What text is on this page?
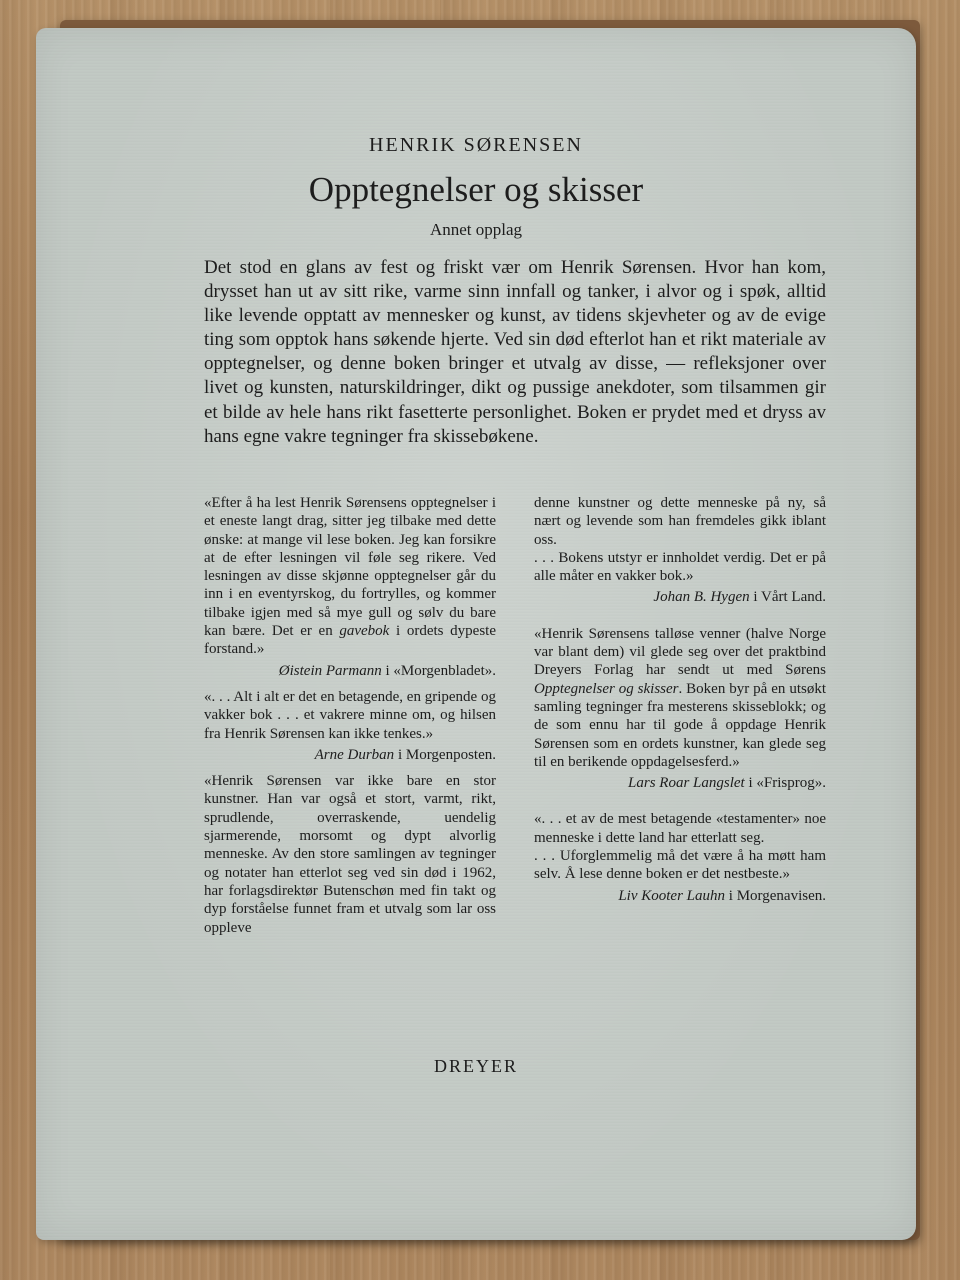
HENRIK SØRENSEN
Opptegnelser og skisser
Annet opplag
Det stod en glans av fest og friskt vær om Henrik Sørensen. Hvor han kom, drysset han ut av sitt rike, varme sinn innfall og tanker, i alvor og i spøk, alltid like levende opptatt av mennesker og kunst, av tidens skjevheter og av de evige ting som opptok hans søkende hjerte. Ved sin død efterlot han et rikt materiale av opptegnelser, og denne boken bringer et utvalg av disse, — refleksjoner over livet og kunsten, naturskildringer, dikt og pussige anekdoter, som tilsammen gir et bilde av hele hans rikt fasetterte personlighet. Boken er prydet med et dryss av hans egne vakre tegninger fra skissebøkene.

«Efter å ha lest Henrik Sørensens opptegnelser i et eneste langt drag, sitter jeg tilbake med dette ønske: at mange vil lese boken. Jeg kan forsikre at de efter lesningen vil føle seg rikere. Ved lesningen av disse skjønne opptegnelser går du inn i en eventyrskog, du fortrylles, og kommer tilbake igjen med så mye gull og sølv du bare kan bære. Det er en gavebok i ordets dypeste forstand.»

Øistein Parmann i «Morgenbladet».

«. . . Alt i alt er det en betagende, en gripende og vakker bok . . . et vakrere minne om, og hilsen fra Henrik Sørensen kan ikke tenkes.»

Arne Durban i Morgenposten.

«Henrik Sørensen var ikke bare en stor kunstner. Han var også et stort, varmt, rikt, sprudlende, overraskende, uendelig sjarmerende, morsomt og dypt alvorlig menneske. Av den store samlingen av tegninger og notater han etterlot seg ved sin død i 1962, har forlagsdirektør Butenschøn med fin takt og dyp forståelse funnet fram et utvalg som lar oss oppleve

denne kunstner og dette menneske på ny, så nært og levende som han fremdeles gikk iblant oss.

. . . Bokens utstyr er innholdet verdig. Det er på alle måter en vakker bok.»

Johan B. Hygen i Vårt Land.

«Henrik Sørensens talløse venner (halve Norge var blant dem) vil glede seg over det praktbind Dreyers Forlag har sendt ut med Sørens Opptegnelser og skisser. Boken byr på en utsøkt samling tegninger fra mesterens skisseblokk; og de som ennu har til gode å oppdage Henrik Sørensen som en ordets kunstner, kan glede seg til en berikende oppdagelsesferd.»

Lars Roar Langslet i «Frisprog».

«. . . et av de mest betagende «testamenter» noe menneske i dette land har etterlatt seg.

. . . Uforglemmelig må det være å ha møtt ham selv. Å lese denne boken er det nestbeste.»

Liv Kooter Lauhn i Morgenavisen.
DREYER
